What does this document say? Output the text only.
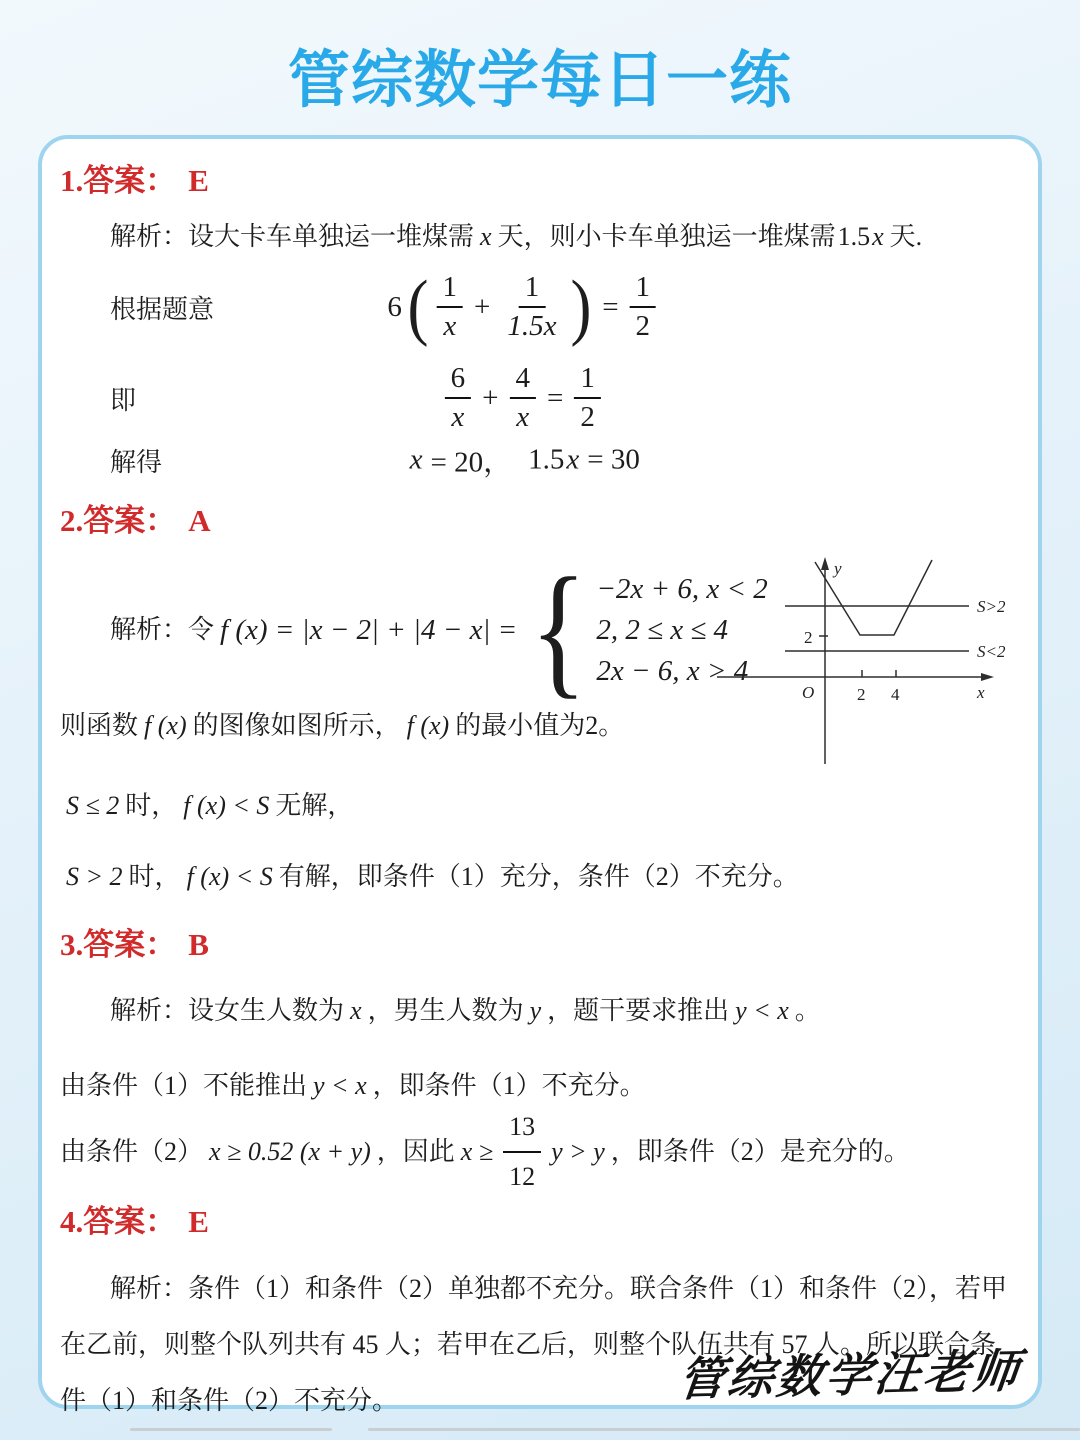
管综数学每日一练
1.答案： E
解析：设大卡车单独运一堆煤需 x 天，则小卡车单独运一堆煤需1.5x 天.
根据题意	6 ( $\frac{1}{x} + \frac{1}{1.5x}$ ) = $\frac{1}{2}$
即	$\frac{6}{x} + \frac{4}{x} = \frac{1}{2}$
解得	x = 20， 1.5 x = 30
2.答案： A
解析： 令 f (x) = |x − 2| + |4 − x| = { −2x + 6, x < 2
2, 2 ≤ x ≤ 4
2x − 6, x > 4
y
x
O	2 4
2
S>2
S<2
则函数 f (x) 的图像如图所示， f (x) 的最小值为2。
S ≤ 2 时， f (x) < S 无解，
S > 2 时， f (x) < S 有解，即条件（1）充分，条件（2）不充分。
3.答案： B
解析：设女生人数为 x ，男生人数为 y ，题干要求推出 y < x 。
由条件（1）不能推出 y < x ，即条件（1）不充分。
由条件（2） x ≥ 0.52 (x + y) ，因此 $x \ge \frac{13}{12}$ y > y ，即条件（2）是充分的。
4.答案： E
解析：条件（1）和条件（2）单独都不充分。联合条件（1）和条件（2），若甲在乙前，则整个队列共有 45 人；若甲在乙后，则整个队伍共有 57 人。所以联合条件（1）和条件（2）不充分。	管综数学汪老师
